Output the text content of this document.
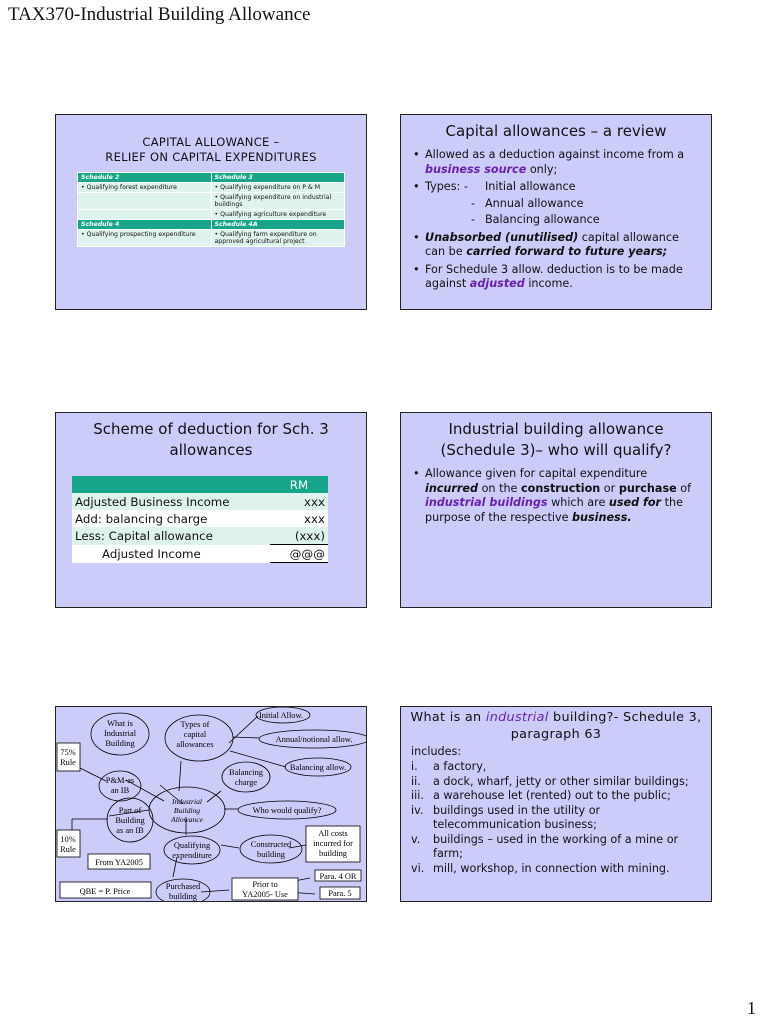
TAX370-Industrial Building Allowance
CAPITAL ALLOWANCE –
RELIEF ON CAPITAL EXPENDITURES
Schedule 2	Schedule 3
• Qualifying forest expenditure	• Qualifying expenditure on P & M
	• Qualifying expenditure on industrial buildings
	• Qualifying agriculture expenditure
Schedule 4	Schedule 4A
• Qualifying prospecting expenditure	• Qualifying farm expenditure on approved agricultural project
Capital allowances – a review
• Allowed as a deduction against income from a business source only;
• Types: -	Initial allowance
- Annual allowance
- Balancing allowance
• Unabsorbed (unutilised) capital allowance can be carried forward to future years;
• For Schedule 3 allow. deduction is to be made against adjusted income.
Scheme of deduction for Sch. 3 allowances
	RM
Adjusted Business Income	xxx
Add: balancing charge	xxx
Less: Capital allowance	(xxx)
Adjusted Income	@@@
Industrial building allowance (Schedule 3)– who will qualify?
• Allowance given for capital expenditure incurred on the construction or purchase of industrial buildings which are used for the purpose of the respective business.
What is
Industrial
Building
Types of
capital
allowances
Initial Allow.
Annual/notional allow.
Balancing allow.
75%
Rule
P&M-as
an IB
Balancing
charge
Who would qualify?
Part of
Building
as an IB
10%
Rule	Qualifying
expenditure
Constructed
building
All costs
incurred for
building
From YA2005
Purchased
building
Prior to
YA2005- Use
Para. 4 OR
Para. 5
QBE = P. Price
Industrial
Building
Allowance
What is an industrial building?- Schedule 3, paragraph 63
includes:
i.	a factory,
ii.	a dock, wharf, jetty or other similar buildings;
iii. a warehouse let (rented) out to the public;
iv. buildings used in the utility or telecommunication business;
v.	buildings – used in the working of a mine or farm;
vi. mill, workshop, in connection with mining.
1
